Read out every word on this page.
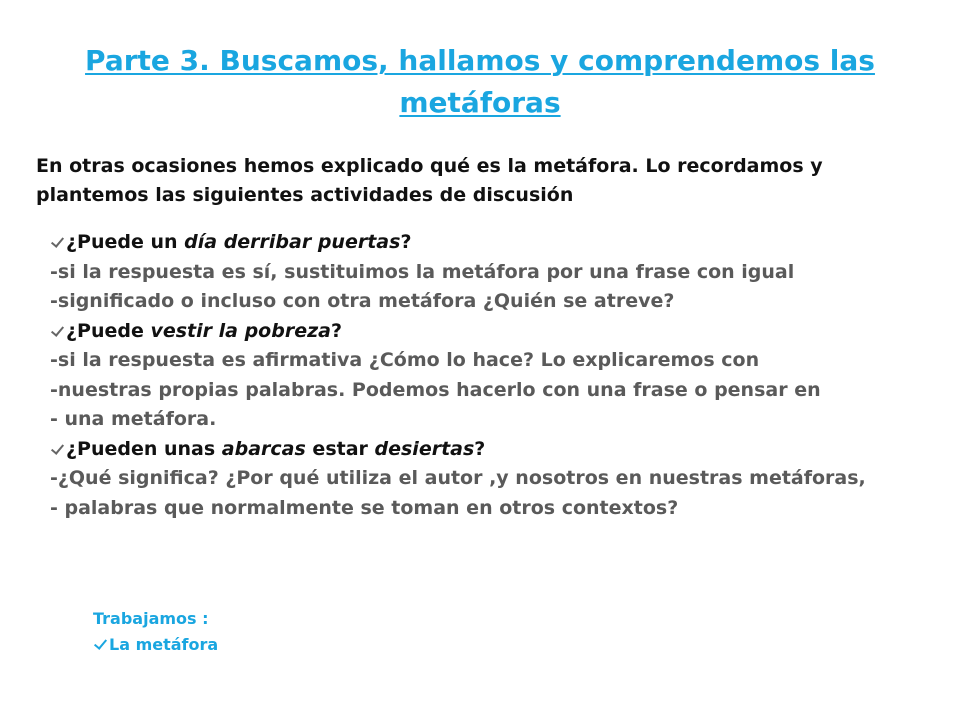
Parte 3. Buscamos, hallamos y comprendemos las
metáforas
En otras ocasiones hemos explicado qué es la metáfora. Lo recordamos y
plantemos las siguientes actividades de discusión
¿Puede un día derribar puertas?
-si la respuesta es sí, sustituimos la metáfora por una frase con igual
-significado o incluso con otra metáfora ¿Quién se atreve?
¿Puede vestir la pobreza?
-si la respuesta es afirmativa ¿Cómo lo hace? Lo explicaremos con
-nuestras propias palabras. Podemos hacerlo con una frase o pensar en
- una metáfora.
¿Pueden unas abarcas estar desiertas?
-¿Qué significa? ¿Por qué utiliza el autor ,y nosotros en nuestras metáforas,
- palabras que normalmente se toman en otros contextos?
Trabajamos :
La metáfora
